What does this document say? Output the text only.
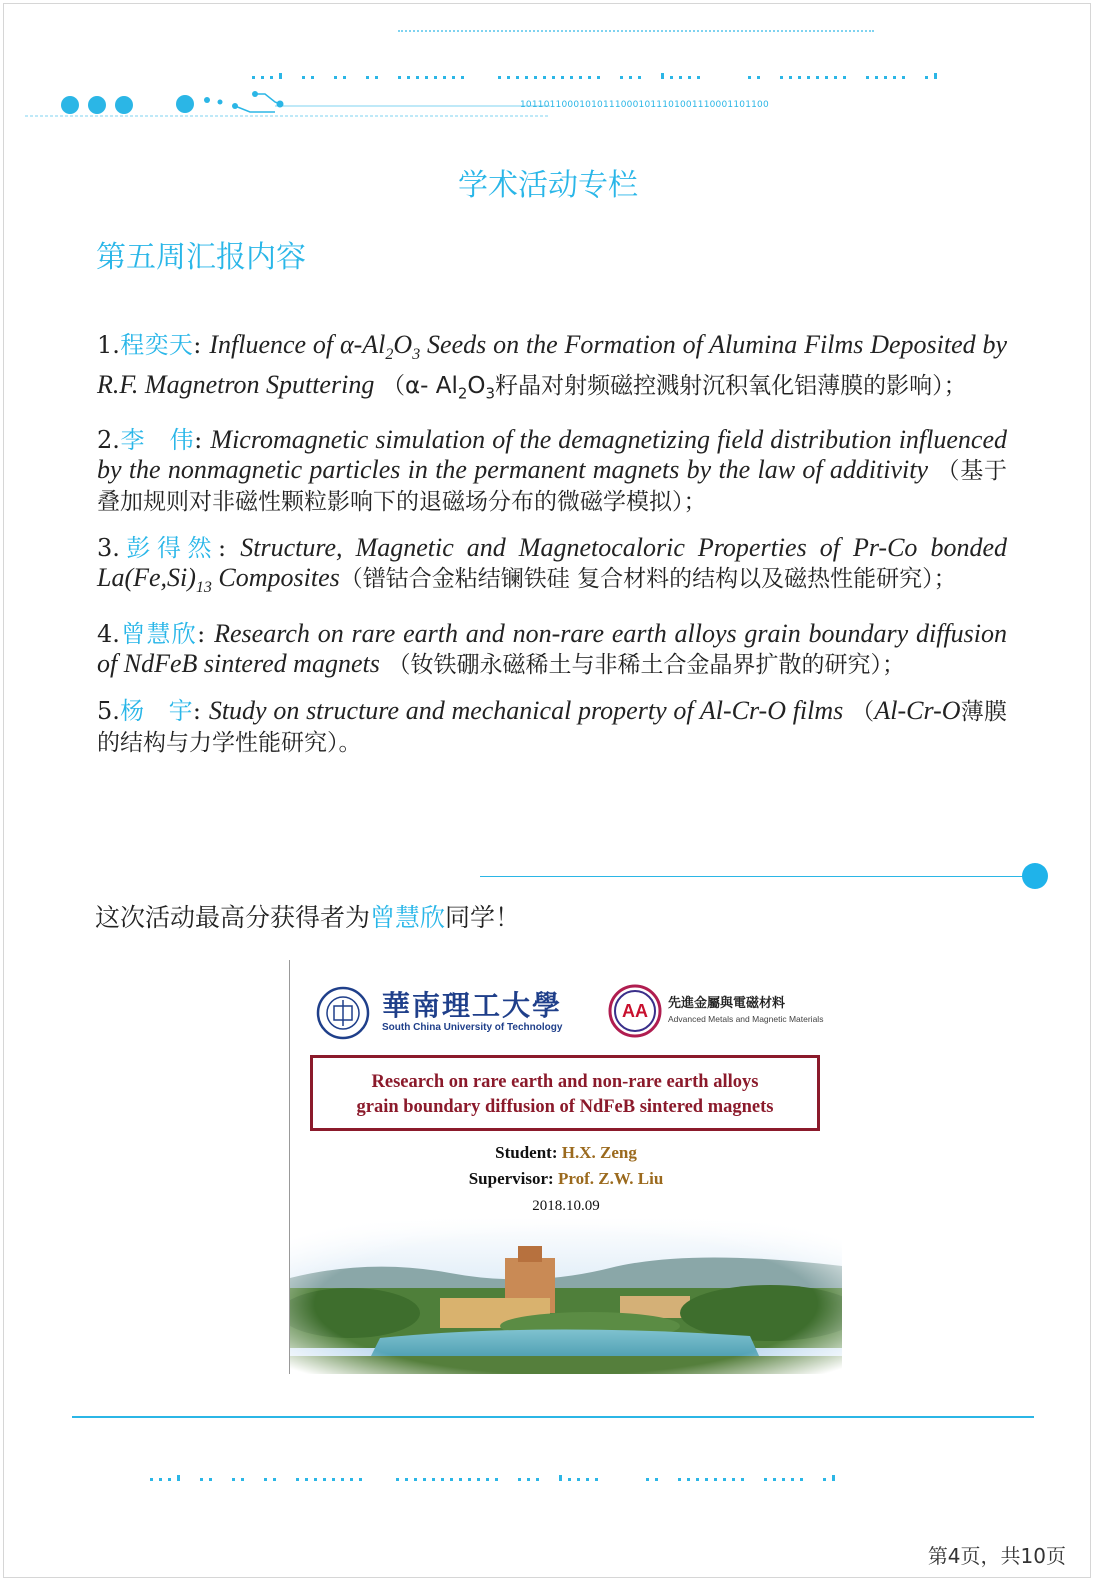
101101100010101110001011101001110001101100
学术活动专栏
第五周汇报内容
1.程奕天: Influence of $\alpha-Al_2O_3$ Seeds on the Formation of Alumina Films Deposited by R.F. Magnetron Sputtering （α- $Al_2O_3$籽晶对射频磁控溅射沉积氧化铝薄膜的影响）；
2.李　伟: Micromagnetic simulation of the demagnetizing field distribution influenced by the nonmagnetic particles in the permanent magnets by the law of additivity （基于叠加规则对非磁性颗粒影响下的退磁场分布的微磁学模拟）；
3.彭得然: Structure, Magnetic and Magnetocaloric Properties of Pr-Co bonded $La(Fe,Si)_{13}$ Composites（镨钴合金粘结镧铁硅 复合材料的结构以及磁热性能研究）；
4.曾慧欣: Research on rare earth and non-rare earth alloys grain boundary diffusion of NdFeB sintered magnets （钕铁硼永磁稀土与非稀土合金晶界扩散的研究）；
5.杨　宇: Study on structure and mechanical property of Al-Cr-O films （Al-Cr-O薄膜的结构与力学性能研究）。
这次活动最高分获得者为曾慧欣同学！
華南理工大學
South China University of Technology
AA 先進金屬與電磁材料
Advanced Metals and Magnetic Materials
Research on rare earth and non-rare earth alloys
grain boundary diffusion of NdFeB sintered magnets
Student: H.X. Zeng
Supervisor: Prof. Z.W. Liu
2018.10.09
第4页，共10页
